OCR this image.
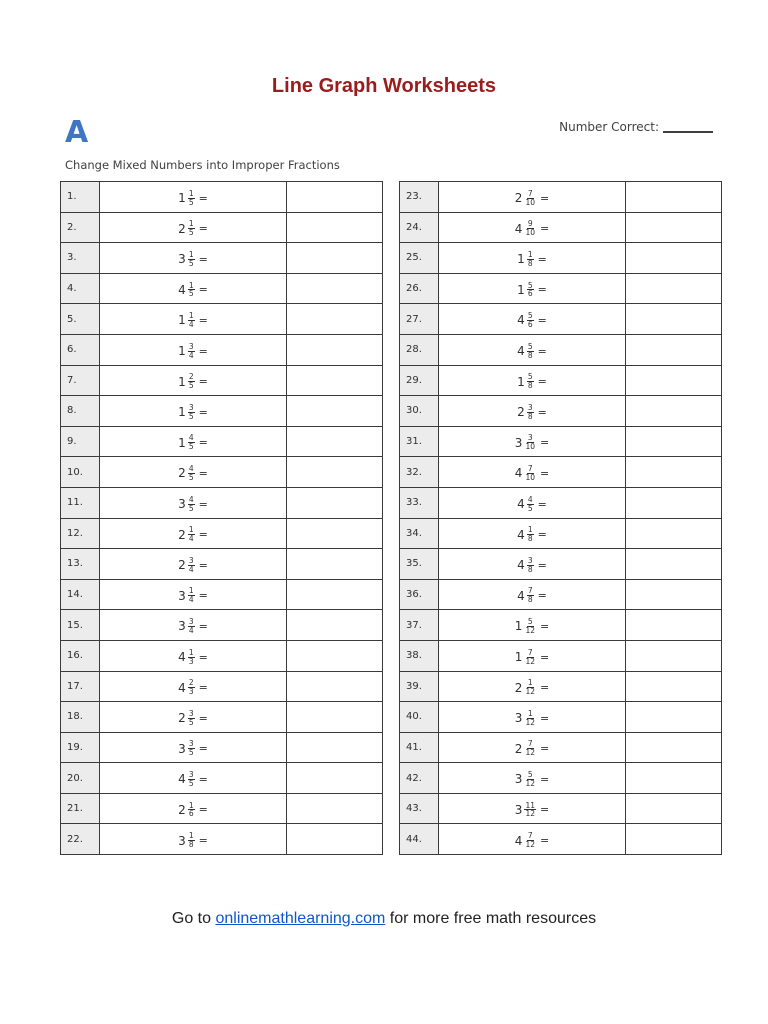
Line Graph Worksheets
A	Number Correct:
Change Mixed Numbers into Improper Fractions
1.	$1 \frac{1}{5}$ =	

2.	$2 \frac{1}{5}$ =	

3.	$3 \frac{1}{5}$ =	

4.	$4 \frac{1}{5}$ =	

5.	$1 \frac{1}{4}$ =	

6.	$1 \frac{3}{4}$ =	

7.	$1 \frac{2}{5}$ =	

8.	$1 \frac{3}{5}$ =	

9.	$1 \frac{4}{5}$ =	

10.	$2 \frac{4}{5}$ =	

11.	$3 \frac{4}{5}$ =	

12.	$2 \frac{1}{4}$ =	

13.	$2 \frac{3}{4}$ =	

14.	$3 \frac{1}{4}$ =	

15.	$3 \frac{3}{4}$ =	

16.	$4 \frac{1}{3}$ =	

17.	$4 \frac{2}{3}$ =	

18.	$2 \frac{3}{5}$ =	

19.	$3 \frac{3}{5}$ =	

20.	$4 \frac{3}{5}$ =	

21.	$2 \frac{1}{6}$ =	

22.	$3 \frac{1}{8}$ =	

23.	$2 \frac{7}{10}$ =	

24.	$4 \frac{9}{10}$ =	

25.	$1 \frac{1}{8}$ =	

26.	$1 \frac{5}{6}$ =	

27.	$4 \frac{5}{6}$ =	

28.	$4 \frac{5}{8}$ =	

29.	$1 \frac{5}{8}$ =	

30.	$2 \frac{3}{8}$ =	

31.	$3 \frac{3}{10}$ =	

32.	$4 \frac{7}{10}$ =	

33.	$4 \frac{4}{5}$ =	

34.	$4 \frac{1}{8}$ =	

35.	$4 \frac{3}{8}$ =	

36.	$4 \frac{7}{8}$ =	

37.	$1 \frac{5}{12}$ =	

38.	$1 \frac{7}{12}$ =	

39.	$2 \frac{1}{12}$ =	

40.	$3 \frac{1}{12}$ =	

41.	$2 \frac{7}{12}$ =	

42.	$3 \frac{5}{12}$ =	

43.	$3 \frac{11}{12}$ =	

44.	$4 \frac{7}{12}$ =	

Go to onlinemathlearning.com for more free math resources
